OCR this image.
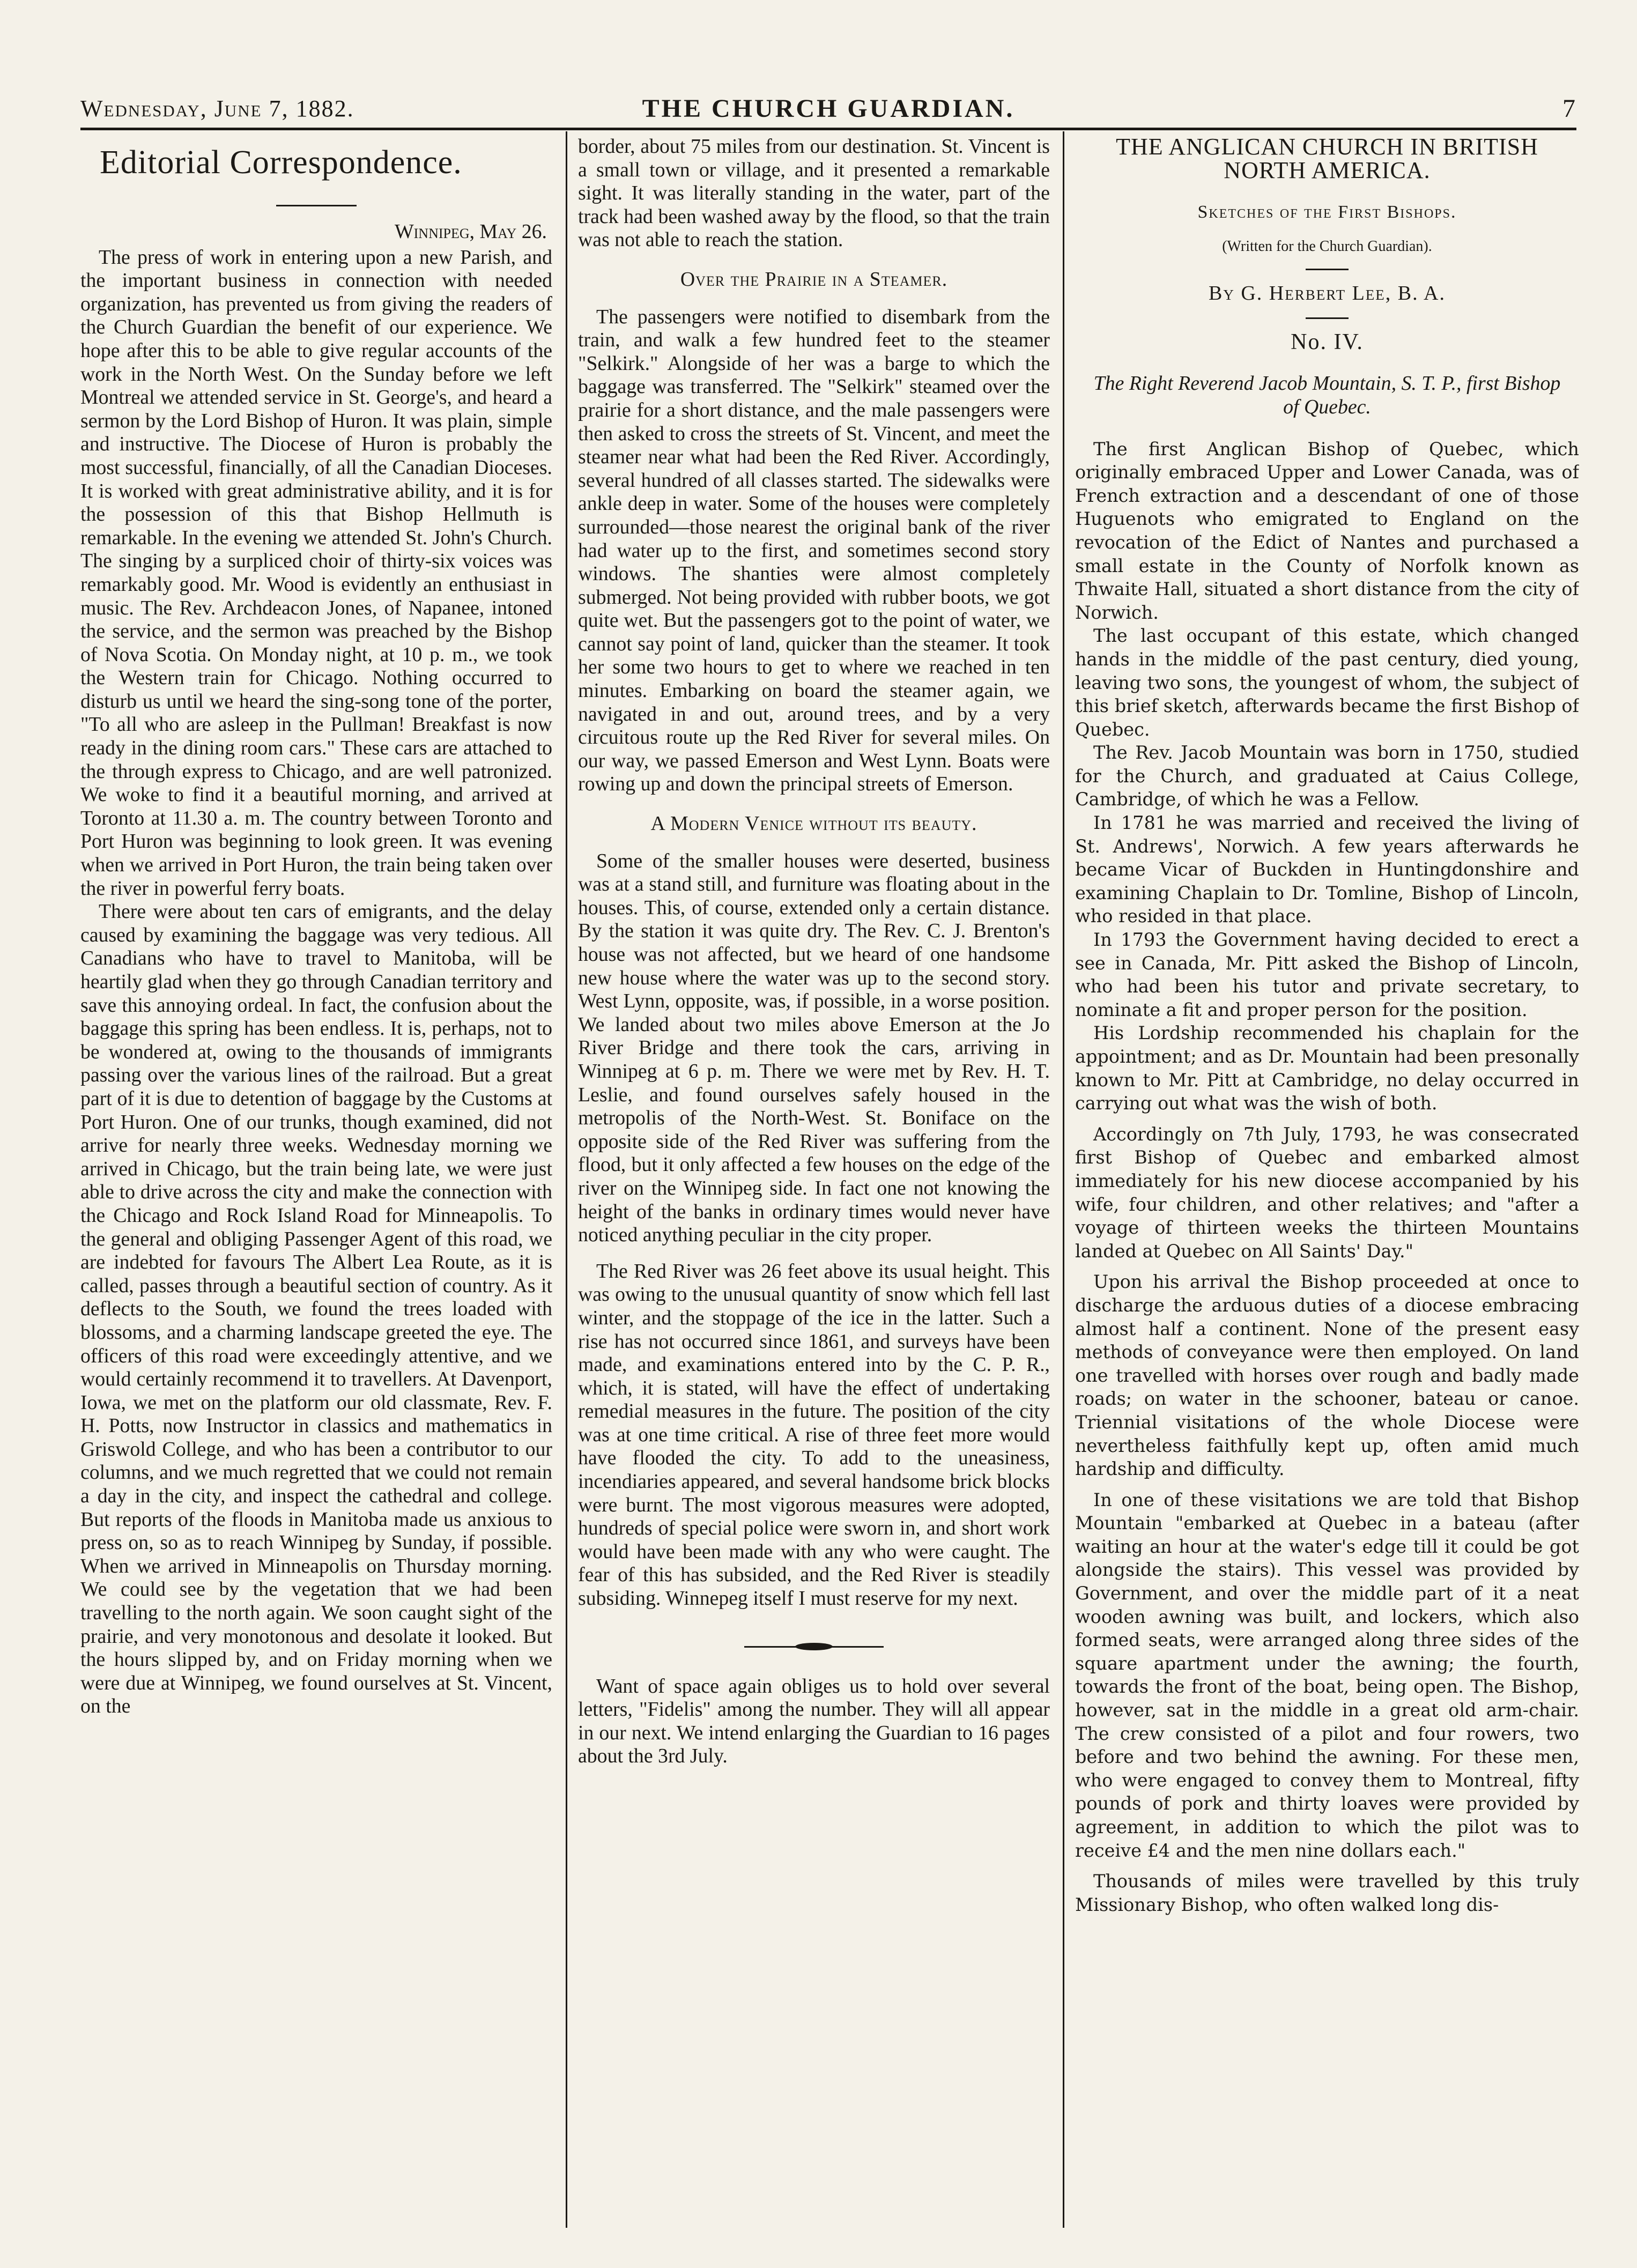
Wednesday, June 7, 1882.	THE CHURCH GUARDIAN.	7
Editorial Correspondence.

Winnipeg, May 26.

The press of work in entering upon a new Parish, and the important business in connection with needed organization, has prevented us from giving the readers of the Church Guardian the benefit of our experience. We hope after this to be able to give regular accounts of the work in the North West. On the Sunday before we left Montreal we attended service in St. George's, and heard a sermon by the Lord Bishop of Huron. It was plain, simple and instructive. The Diocese of Huron is probably the most successful, financially, of all the Canadian Dioceses. It is worked with great administrative ability, and it is for the possession of this that Bishop Hellmuth is remarkable. In the evening we attended St. John's Church. The singing by a surpliced choir of thirty-six voices was remarkably good. Mr. Wood is evidently an enthusiast in music. The Rev. Archdeacon Jones, of Napanee, intoned the service, and the sermon was preached by the Bishop of Nova Scotia. On Monday night, at 10 p. m., we took the Western train for Chicago. Nothing occurred to disturb us until we heard the sing-song tone of the porter, "To all who are asleep in the Pullman! Breakfast is now ready in the dining room cars." These cars are attached to the through express to Chicago, and are well patronized. We woke to find it a beautiful morning, and arrived at Toronto at 11.30 a. m. The country between Toronto and Port Huron was beginning to look green. It was evening when we arrived in Port Huron, the train being taken over the river in powerful ferry boats.

There were about ten cars of emigrants, and the delay caused by examining the baggage was very tedious. All Canadians who have to travel to Manitoba, will be heartily glad when they go through Canadian territory and save this annoying ordeal. In fact, the confusion about the baggage this spring has been endless. It is, perhaps, not to be wondered at, owing to the thousands of immigrants passing over the various lines of the railroad. But a great part of it is due to detention of baggage by the Customs at Port Huron. One of our trunks, though examined, did not arrive for nearly three weeks. Wednesday morning we arrived in Chicago, but the train being late, we were just able to drive across the city and make the connection with the Chicago and Rock Island Road for Minneapolis. To the general and obliging Passenger Agent of this road, we are indebted for favours The Albert Lea Route, as it is called, passes through a beautiful section of country. As it deflects to the South, we found the trees loaded with blossoms, and a charming landscape greeted the eye. The officers of this road were exceedingly attentive, and we would certainly recommend it to travellers. At Davenport, Iowa, we met on the platform our old classmate, Rev. F. H. Potts, now Instructor in classics and mathematics in Griswold College, and who has been a contributor to our columns, and we much regretted that we could not remain a day in the city, and inspect the cathedral and college. But reports of the floods in Manitoba made us anxious to press on, so as to reach Winnipeg by Sunday, if possible. When we arrived in Minneapolis on Thursday morning. We could see by the vegetation that we had been travelling to the north again. We soon caught sight of the prairie, and very monotonous and desolate it looked. But the hours slipped by, and on Friday morning when we were due at Winnipeg, we found ourselves at St. Vincent, on the

border, about 75 miles from our destination. St. Vincent is a small town or village, and it presented a remarkable sight. It was literally standing in the water, part of the track had been washed away by the flood, so that the train was not able to reach the station.

Over the Prairie in a Steamer.

The passengers were notified to disembark from the train, and walk a few hundred feet to the steamer "Selkirk." Alongside of her was a barge to which the baggage was transferred. The "Selkirk" steamed over the prairie for a short distance, and the male passengers were then asked to cross the streets of St. Vincent, and meet the steamer near what had been the Red River. Accordingly, several hundred of all classes started. The sidewalks were ankle deep in water. Some of the houses were completely surrounded—those nearest the original bank of the river had water up to the first, and sometimes second story windows. The shanties were almost completely submerged. Not being provided with rubber boots, we got quite wet. But the passengers got to the point of water, we cannot say point of land, quicker than the steamer. It took her some two hours to get to where we reached in ten minutes. Embarking on board the steamer again, we navigated in and out, around trees, and by a very circuitous route up the Red River for several miles. On our way, we passed Emerson and West Lynn. Boats were rowing up and down the principal streets of Emerson.

A Modern Venice without its beauty.

Some of the smaller houses were deserted, business was at a stand still, and furniture was floating about in the houses. This, of course, extended only a certain distance. By the station it was quite dry. The Rev. C. J. Brenton's house was not affected, but we heard of one handsome new house where the water was up to the second story. West Lynn, opposite, was, if possible, in a worse position. We landed about two miles above Emerson at the Jo River Bridge and there took the cars, arriving in Winnipeg at 6 p. m. There we were met by Rev. H. T. Leslie, and found ourselves safely housed in the metropolis of the North-West. St. Boniface on the opposite side of the Red River was suffering from the flood, but it only affected a few houses on the edge of the river on the Winnipeg side. In fact one not knowing the height of the banks in ordinary times would never have noticed anything peculiar in the city proper.

The Red River was 26 feet above its usual height. This was owing to the unusual quantity of snow which fell last winter, and the stoppage of the ice in the latter. Such a rise has not occurred since 1861, and surveys have been made, and examinations entered into by the C. P. R., which, it is stated, will have the effect of undertaking remedial measures in the future. The position of the city was at one time critical. A rise of three feet more would have flooded the city. To add to the uneasiness, incendiaries appeared, and several handsome brick blocks were burnt. The most vigorous measures were adopted, hundreds of special police were sworn in, and short work would have been made with any who were caught. The fear of this has subsided, and the Red River is steadily subsiding. Winnepeg itself I must reserve for my next.

Want of space again obliges us to hold over several letters, "Fidelis" among the number. They will all appear in our next. We intend enlarging the Guardian to 16 pages about the 3rd July.

THE ANGLICAN CHURCH IN BRITISH NORTH AMERICA.

Sketches of the First Bishops.

(Written for the Church Guardian).

By G. Herbert Lee, B. A.

No. IV.

The Right Reverend Jacob Mountain, S. T. P., first Bishop of Quebec.

The first Anglican Bishop of Quebec, which originally embraced Upper and Lower Canada, was of French extraction and a descendant of one of those Huguenots who emigrated to England on the revocation of the Edict of Nantes and purchased a small estate in the County of Norfolk known as Thwaite Hall, situated a short distance from the city of Norwich.

The last occupant of this estate, which changed hands in the middle of the past century, died young, leaving two sons, the youngest of whom, the subject of this brief sketch, afterwards became the first Bishop of Quebec.

The Rev. Jacob Mountain was born in 1750, studied for the Church, and graduated at Caius College, Cambridge, of which he was a Fellow.

In 1781 he was married and received the living of St. Andrews', Norwich. A few years afterwards he became Vicar of Buckden in Huntingdonshire and examining Chaplain to Dr. Tomline, Bishop of Lincoln, who resided in that place.

In 1793 the Government having decided to erect a see in Canada, Mr. Pitt asked the Bishop of Lincoln, who had been his tutor and private secretary, to nominate a fit and proper person for the position.

His Lordship recommended his chaplain for the appointment; and as Dr. Mountain had been presonally known to Mr. Pitt at Cambridge, no delay occurred in carrying out what was the wish of both.

Accordingly on 7th July, 1793, he was consecrated first Bishop of Quebec and embarked almost immediately for his new diocese accompanied by his wife, four children, and other relatives; and "after a voyage of thirteen weeks the thirteen Mountains landed at Quebec on All Saints' Day."

Upon his arrival the Bishop proceeded at once to discharge the arduous duties of a diocese embracing almost half a continent. None of the present easy methods of conveyance were then employed. On land one travelled with horses over rough and badly made roads; on water in the schooner, bateau or canoe. Triennial visitations of the whole Diocese were nevertheless faithfully kept up, often amid much hardship and difficulty.

In one of these visitations we are told that Bishop Mountain "embarked at Quebec in a bateau (after waiting an hour at the water's edge till it could be got alongside the stairs). This vessel was provided by Government, and over the middle part of it a neat wooden awning was built, and lockers, which also formed seats, were arranged along three sides of the square apartment under the awning; the fourth, towards the front of the boat, being open. The Bishop, however, sat in the middle in a great old arm-chair. The crew consisted of a pilot and four rowers, two before and two behind the awning. For these men, who were engaged to convey them to Montreal, fifty pounds of pork and thirty loaves were provided by agreement, in addition to which the pilot was to receive £4 and the men nine dollars each."

Thousands of miles were travelled by this truly Missionary Bishop, who often walked long dis-
